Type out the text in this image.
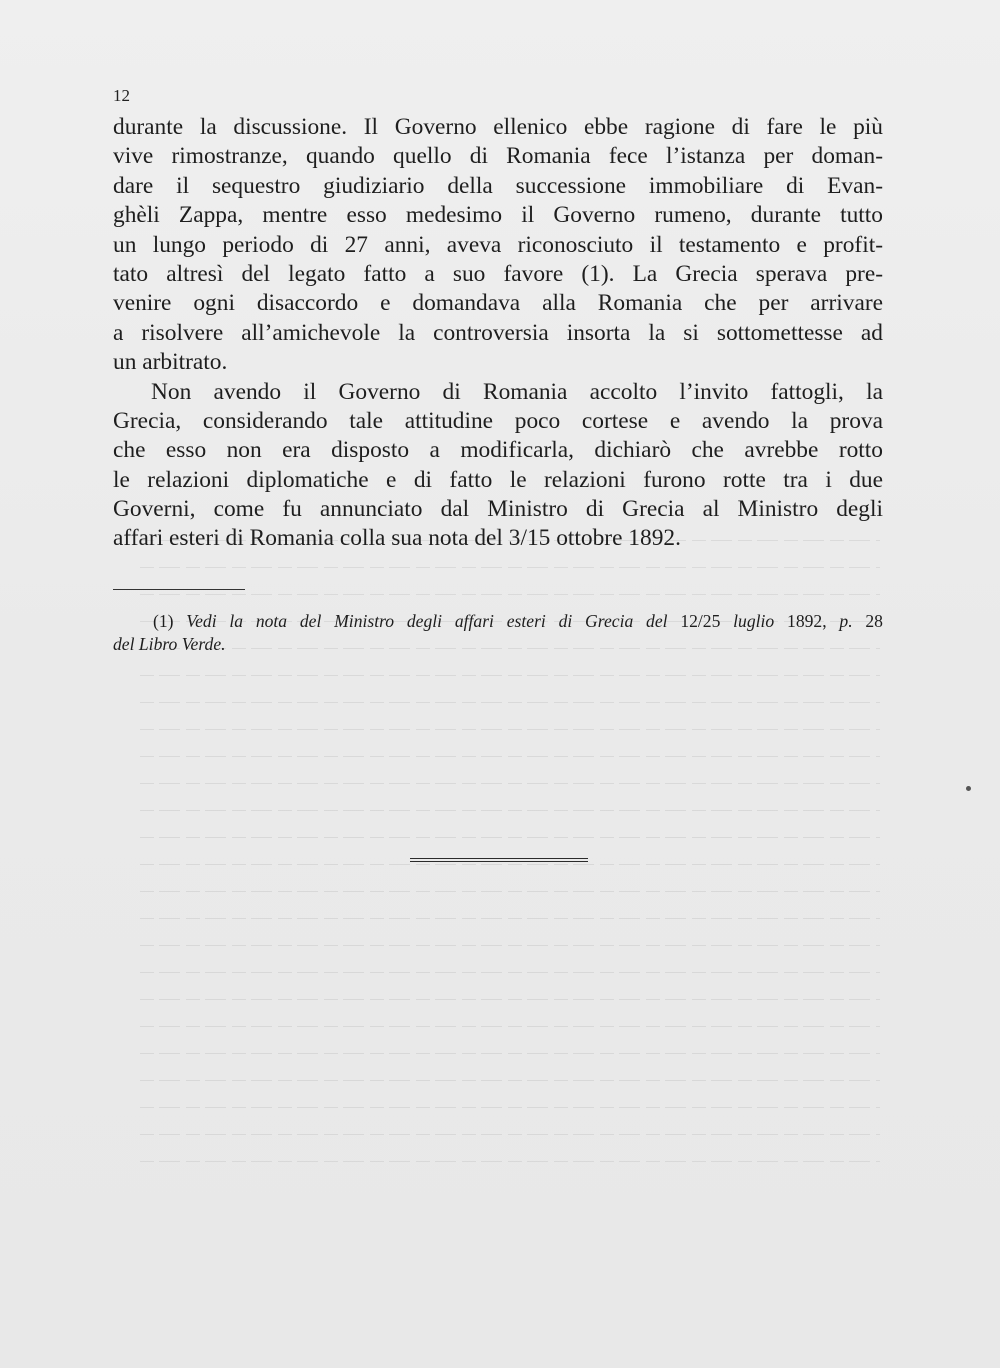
12
durante la discussione. Il Governo ellenico ebbe ragione di fare le più
vive rimostranze, quando quello di Romania fece l’istanza per doman-
dare il sequestro giudiziario della successione immobiliare di Evan-
ghèli Zappa, mentre esso medesimo il Governo rumeno, durante tutto
un lungo periodo di 27 anni, aveva riconosciuto il testamento e profit-
tato altresì del legato fatto a suo favore (1). La Grecia sperava pre-
venire ogni disaccordo e domandava alla Romania che per arrivare
a risolvere all’amichevole la controversia insorta la si sottomettesse ad
un arbitrato.
Non avendo il Governo di Romania accolto l’invito fattogli, la
Grecia, considerando tale attitudine poco cortese e avendo la prova
che esso non era disposto a modificarla, dichiarò che avrebbe rotto
le relazioni diplomatiche e di fatto le relazioni furono rotte tra i due
Governi, come fu annunciato dal Ministro di Grecia al Ministro degli
affari esteri di Romania colla sua nota del 3/15 ottobre 1892.
(1) Vedi la nota del Ministro degli affari esteri di Grecia del 12/25 luglio 1892, p. 28
del Libro Verde.
